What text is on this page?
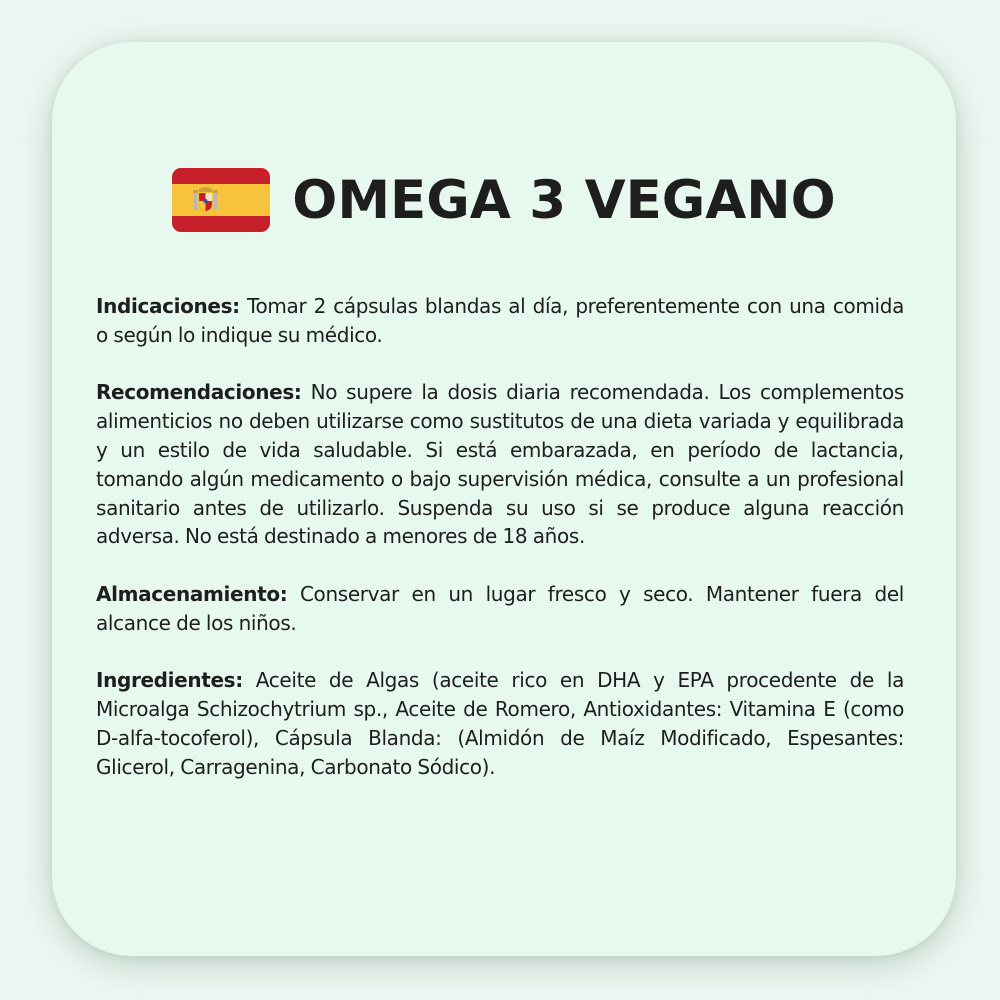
OMEGA 3 VEGANO

Indicaciones: Tomar 2 cápsulas blandas al día, preferentemente con una comida o según lo indique su médico.

Recomendaciones: No supere la dosis diaria recomendada. Los complementos alimenticios no deben utilizarse como sustitutos de una dieta variada y equilibrada y un estilo de vida saludable. Si está embarazada, en período de lactancia, tomando algún medicamento o bajo supervisión médica, consulte a un profesional sanitario antes de utilizarlo. Suspenda su uso si se produce alguna reacción adversa. No está destinado a menores de 18 años.

Almacenamiento: Conservar en un lugar fresco y seco. Mantener fuera del alcance de los niños.

Ingredientes: Aceite de Algas (aceite rico en DHA y EPA procedente de la Microalga Schizochytrium sp., Aceite de Romero, Antioxidantes: Vitamina E (como D-alfa-tocoferol), Cápsula Blanda: (Almidón de Maíz Modificado, Espesantes: Glicerol, Carragenina, Carbonato Sódico).
